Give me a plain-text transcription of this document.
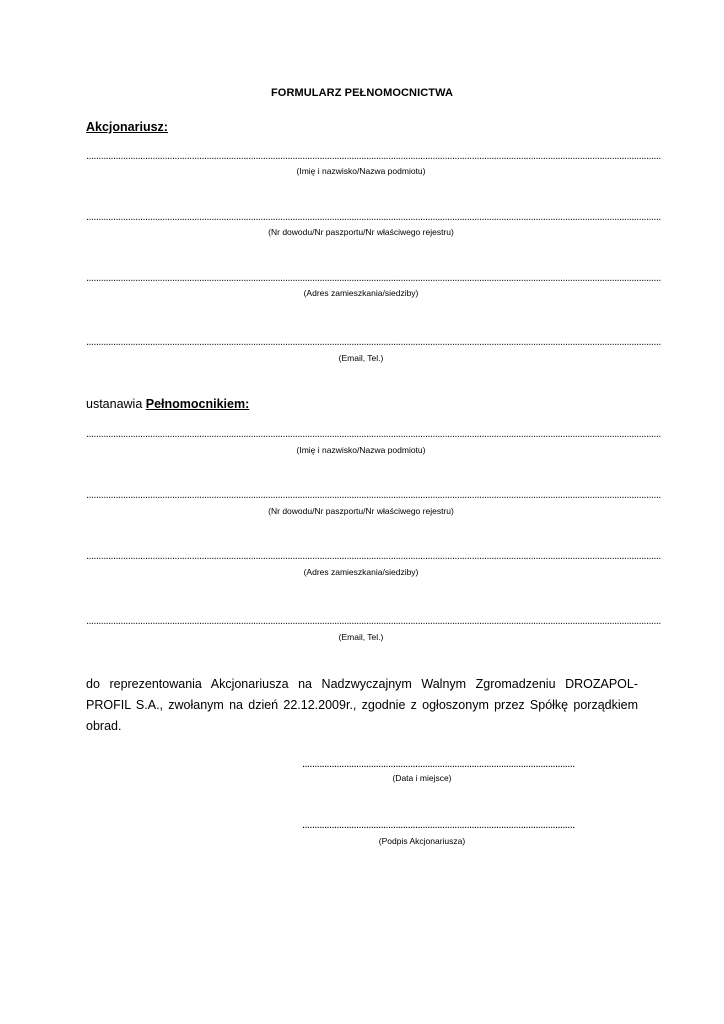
FORMULARZ PEŁNOMOCNICTWA
Akcjonariusz:
..........................................................................................................................................................................................................................................
(Imię i nazwisko/Nazwa podmiotu)
..........................................................................................................................................................................................................................................
(Nr dowodu/Nr paszportu/Nr właściwego rejestru)
..........................................................................................................................................................................................................................................
(Adres zamieszkania/siedziby)
..........................................................................................................................................................................................................................................
(Email, Tel.)
ustanawia Pełnomocnikiem:
..........................................................................................................................................................................................................................................
(Imię i nazwisko/Nazwa podmiotu)
..........................................................................................................................................................................................................................................
(Nr dowodu/Nr paszportu/Nr właściwego rejestru)
..........................................................................................................................................................................................................................................
(Adres zamieszkania/siedziby)
..........................................................................................................................................................................................................................................
(Email, Tel.)
do reprezentowania Akcjonariusza na Nadzwyczajnym Walnym Zgromadzeniu DROZAPOL-PROFIL S.A., zwołanym na dzień 22.12.2009r., zgodnie z ogłoszonym przez Spółkę porządkiem obrad.
...............................................................................................................
(Data i miejsce)
...............................................................................................................
(Podpis Akcjonariusza)
